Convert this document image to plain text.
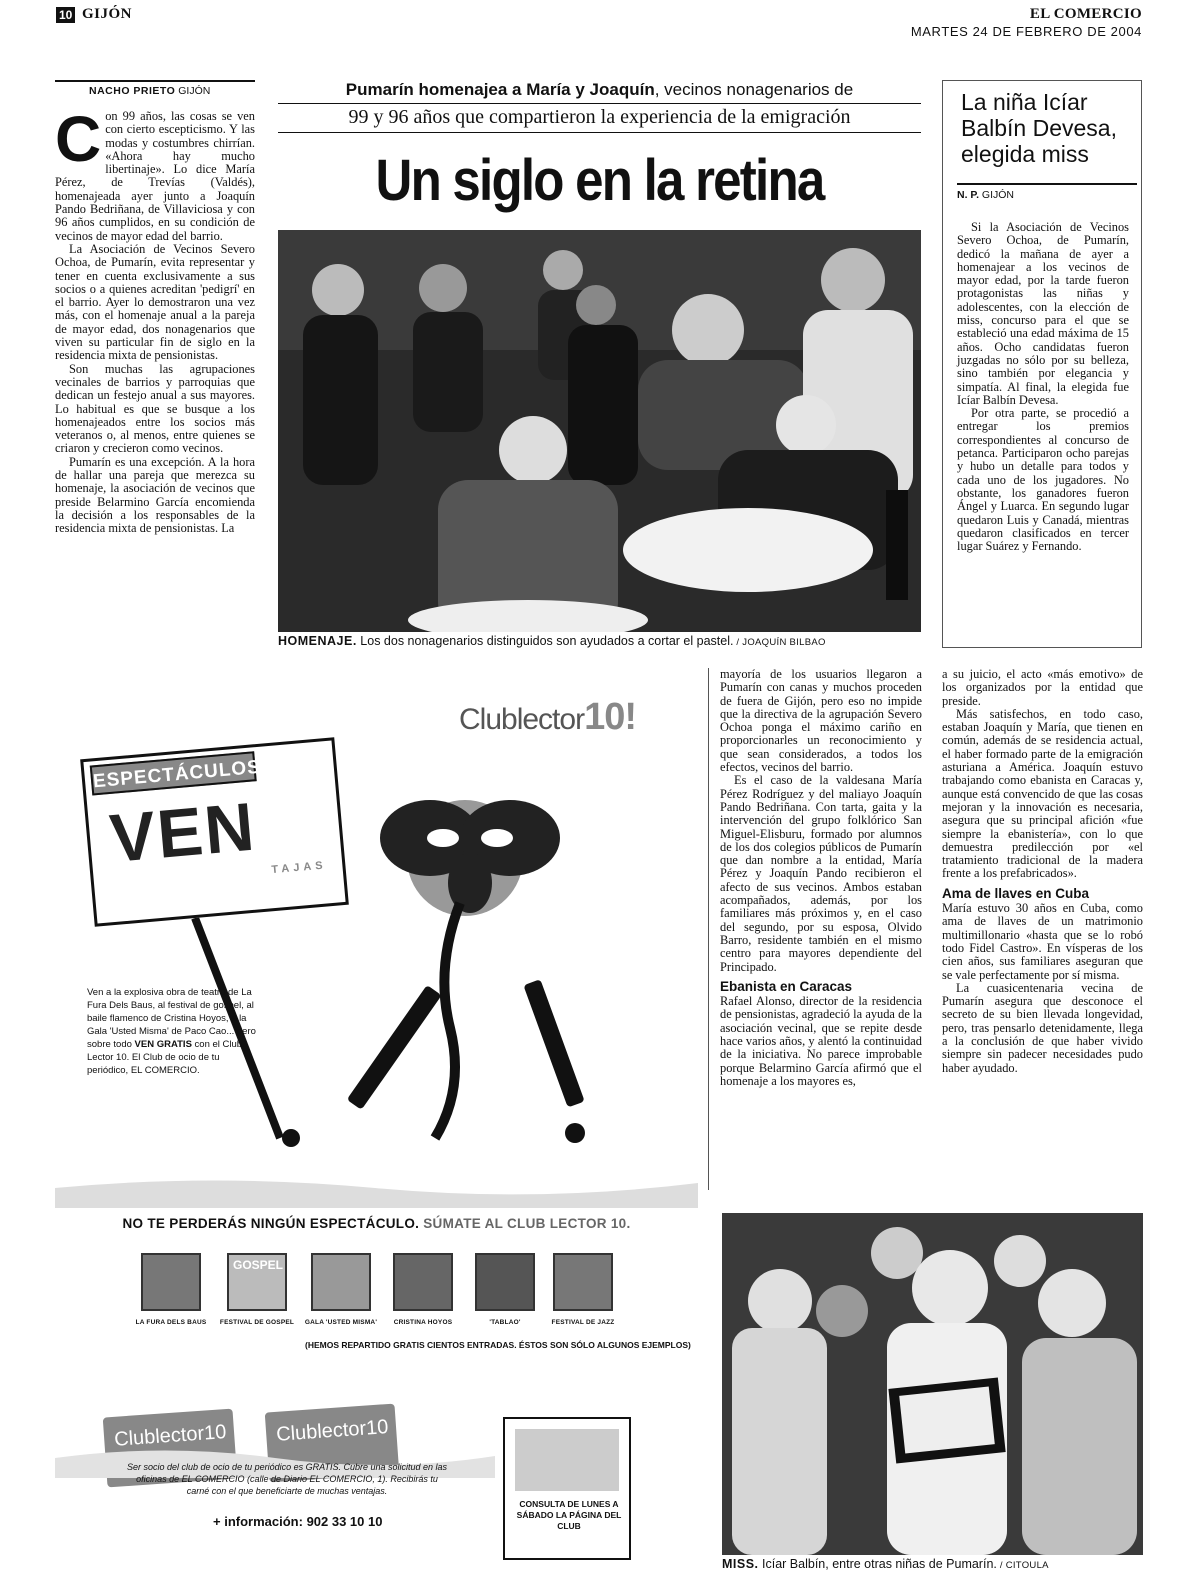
10 GIJÓN	EL COMERCIO
MARTES 24 DE FEBRERO DE 2004
NACHO PRIETO GIJÓN

Con 99 años, las cosas se ven con cierto escepticismo. Y las modas y costumbres chirrían. «Ahora hay mucho libertinaje». Lo dice María Pérez, de Trevías (Valdés), homenajeada ayer junto a Joaquín Pando Bedriñana, de Villaviciosa y con 96 años cumplidos, en su condición de vecinos de mayor edad del barrio.

La Asociación de Vecinos Severo Ochoa, de Pumarín, evita representar y tener en cuenta exclusivamente a sus socios o a quienes acreditan 'pedigrí' en el barrio. Ayer lo demostraron una vez más, con el homenaje anual a la pareja de mayor edad, dos nonagenarios que viven su particular fin de siglo en la residencia mixta de pensionistas.

Son muchas las agrupaciones vecinales de barrios y parroquias que dedican un festejo anual a sus mayores. Lo habitual es que se busque a los homenajeados entre los socios más veteranos o, al menos, entre quienes se criaron y crecieron como vecinos.

Pumarín es una excepción. A la hora de hallar una pareja que merezca su homenaje, la asociación de vecinos que preside Belarmino García encomienda la decisión a los responsables de la residencia mixta de pensionistas. La

Pumarín homenajea a María y Joaquín, vecinos nonagenarios de
99 y 96 años que compartieron la experiencia de la emigración
Un siglo en la retina
HOMENAJE. Los dos nonagenarios distinguidos son ayudados a cortar el pastel. / JOAQUÍN BILBAO
La niña Icíar Balbín Devesa, elegida miss
N. P. GIJÓN

Si la Asociación de Vecinos Severo Ochoa, de Pumarín, dedicó la mañana de ayer a homenajear a los vecinos de mayor edad, por la tarde fueron protagonistas las niñas y adolescentes, con la elección de miss, concurso para el que se estableció una edad máxima de 15 años. Ocho candidatas fueron juzgadas no sólo por su belleza, sino también por elegancia y simpatía. Al final, la elegida fue Icíar Balbín Devesa.

Por otra parte, se procedió a entregar los premios correspondientes al concurso de petanca. Participaron ocho parejas y hubo un detalle para todos y cada uno de los jugadores. No obstante, los ganadores fueron Ángel y Luarca. En segundo lugar quedaron Luis y Canadá, mientras quedaron clasificados en tercer lugar Suárez y Fernando.

mayoría de los usuarios llegaron a Pumarín con canas y muchos proceden de fuera de Gijón, pero eso no impide que la directiva de la agrupación Severo Ochoa ponga el máximo cariño en proporcionarles un reconocimiento y que sean considerados, a todos los efectos, vecinos del barrio.

Es el caso de la valdesana María Pérez Rodríguez y del maliayo Joaquín Pando Bedriñana. Con tarta, gaita y la intervención del grupo folklórico San Miguel-Elisburu, formado por alumnos de los dos colegios públicos de Pumarín que dan nombre a la entidad, María Pérez y Joaquín Pando recibieron el afecto de sus vecinos. Ambos estaban acompañados, además, por los familiares más próximos y, en el caso del segundo, por su esposa, Olvido Barro, residente también en el mismo centro para mayores dependiente del Principado.

Ebanista en Caracas

Rafael Alonso, director de la residencia de pensionistas, agradeció la ayuda de la asociación vecinal, que se repite desde hace varios años, y alentó la continuidad de la iniciativa. No parece improbable porque Belarmino García afirmó que el homenaje a los mayores es,

a su juicio, el acto «más emotivo» de los organizados por la entidad que preside.

Más satisfechos, en todo caso, estaban Joaquín y María, que tienen en común, además de se residencia actual, el haber formado parte de la emigración asturiana a América. Joaquín estuvo trabajando como ebanista en Caracas y, aunque está convencido de que las cosas mejoran y la innovación es necesaria, asegura que su principal afición «fue siempre la ebanistería», con lo que demuestra predilección por «el tratamiento tradicional de la madera frente a los prefabricados».

Ama de llaves en Cuba

María estuvo 30 años en Cuba, como ama de llaves de un matrimonio multimillonario «hasta que se lo robó todo Fidel Castro». En vísperas de los cien años, sus familiares aseguran que se vale perfectamente por sí misma.

La cuasicentenaria vecina de Pumarín asegura que desconoce el secreto de su bien llevada longevidad, pero, tras pensarlo detenidamente, llega a la conclusión de que haber vivido siempre sin padecer necesidades pudo haber ayudado.

MISS. Icíar Balbín, entre otras niñas de Pumarín. / CITOULA
Clublector10!
ESPECTÁCULOS
VEN TAJAS
Ven a la explosiva obra de teatro de La Fura Dels Baus, al festival de gospel, al baile flamenco de Cristina Hoyos, a la Gala 'Usted Misma' de Paco Cao... pero sobre todo VEN GRATIS con el Club Lector 10. El Club de ocio de tu periódico, EL COMERCIO.
NO TE PERDERÁS NINGÚN ESPECTÁCULO. SÚMATE AL CLUB LECTOR 10.
LA FURA DELS BAUS
GOSPEL
FESTIVAL DE GOSPEL	GALA 'USTED MISMA'	CRISTINA HOYOS	'TABLAO'	FESTIVAL DE JAZZ
(HEMOS REPARTIDO GRATIS CIENTOS ENTRADAS. ÉSTOS SON SÓLO ALGUNOS EJEMPLOS)
Clublector10 Clublector10
Ser socio del club de ocio de tu periódico es GRATIS. Cubre una solicitud en las oficinas de EL COMERCIO (calle de Diario EL COMERCIO, 1). Recibirás tu carné con el que beneficiarte de muchas ventajas.
+ información: 902 33 10 10
CONSULTA DE LUNES A SÁBADO LA PÁGINA DEL CLUB
